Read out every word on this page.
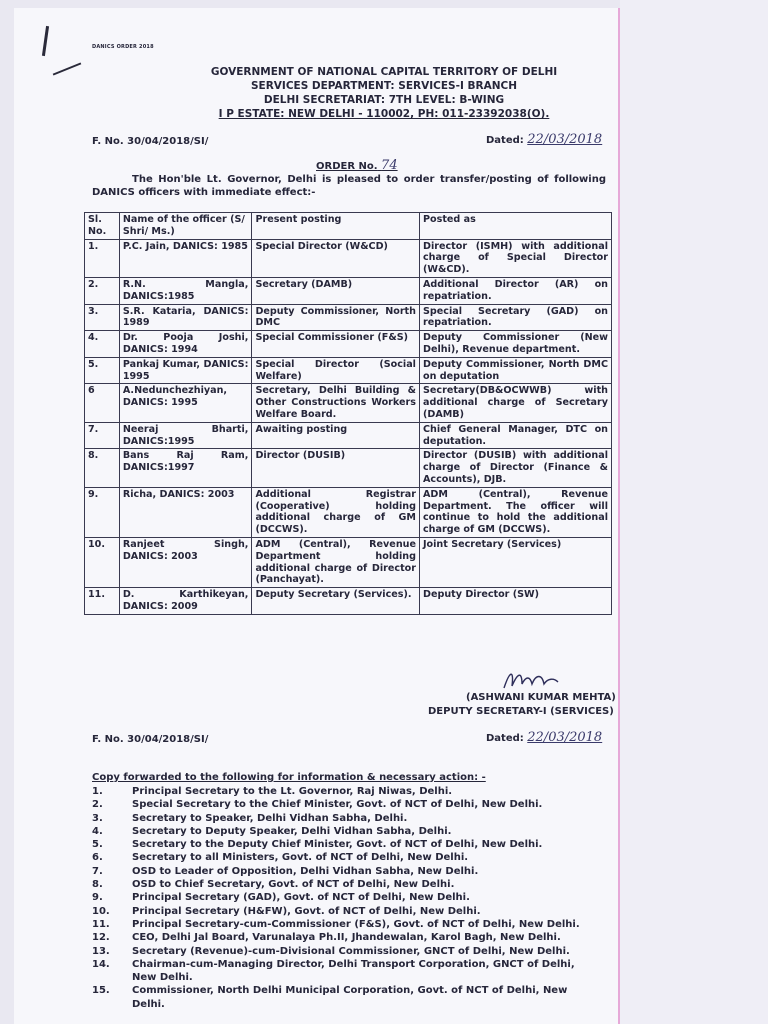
DANICS ORDER 2018
GOVERNMENT OF NATIONAL CAPITAL TERRITORY OF DELHI
SERVICES DEPARTMENT: SERVICES-I BRANCH
DELHI SECRETARIAT: 7TH LEVEL: B-WING
I P ESTATE: NEW DELHI - 110002, PH: 011-23392038(O).
F. No. 30/04/2018/SI/	Dated: 22/03/2018
ORDER No. 74
The Hon'ble Lt. Governor, Delhi is pleased to order transfer/posting of following DANICS officers with immediate effect:-
Sl. No.	Name of the officer (S/ Shri/ Ms.)	Present posting	Posted as
1.	P.C. Jain, DANICS: 1985	Special Director (W&CD)	Director (ISMH) with additional charge of Special Director (W&CD).
2.	R.N. Mangla, DANICS:1985	Secretary (DAMB)	Additional Director (AR) on repatriation.
3.	S.R. Kataria, DANICS: 1989	Deputy Commissioner, North DMC	Special Secretary (GAD) on repatriation.
4.	Dr. Pooja Joshi, DANICS: 1994	Special Commissioner (F&S)	Deputy Commissioner (New Delhi), Revenue department.
5.	Pankaj Kumar, DANICS: 1995	Special Director (Social Welfare)	Deputy Commissioner, North DMC on deputation
6	A.Nedunchezhiyan, DANICS: 1995	Secretary, Delhi Building & Other Constructions Workers Welfare Board.	Secretary(DB&OCWWB) with additional charge of Secretary (DAMB)
7.	Neeraj Bharti, DANICS:1995	Awaiting posting	Chief General Manager, DTC on deputation.
8.	Bans Raj Ram, DANICS:1997	Director (DUSIB)	Director (DUSIB) with additional charge of Director (Finance & Accounts), DJB.
9.	Richa, DANICS: 2003	Additional Registrar (Cooperative) holding additional charge of GM (DCCWS).	ADM (Central), Revenue Department. The officer will continue to hold the additional charge of GM (DCCWS).
10.	Ranjeet Singh, DANICS: 2003	ADM (Central), Revenue Department holding additional charge of Director (Panchayat).	Joint Secretary (Services)
11.	D. Karthikeyan, DANICS: 2009	Deputy Secretary (Services).	Deputy Director (SW)
(ASHWANI KUMAR MEHTA)
DEPUTY SECRETARY-I (SERVICES)
F. No. 30/04/2018/SI/	Dated: 22/03/2018
Copy forwarded to the following for information & necessary action: -
1.	Principal Secretary to the Lt. Governor, Raj Niwas, Delhi.
2.	Special Secretary to the Chief Minister, Govt. of NCT of Delhi, New Delhi.
3.	Secretary to Speaker, Delhi Vidhan Sabha, Delhi.
4.	Secretary to Deputy Speaker, Delhi Vidhan Sabha, Delhi.
5.	Secretary to the Deputy Chief Minister, Govt. of NCT of Delhi, New Delhi.
6.	Secretary to all Ministers, Govt. of NCT of Delhi, New Delhi.
7.	OSD to Leader of Opposition, Delhi Vidhan Sabha, New Delhi.
8.	OSD to Chief Secretary, Govt. of NCT of Delhi, New Delhi.
9.	Principal Secretary (GAD), Govt. of NCT of Delhi, New Delhi.
10.	Principal Secretary (H&FW), Govt. of NCT of Delhi, New Delhi.
11.	Principal Secretary-cum-Commissioner (F&S), Govt. of NCT of Delhi, New Delhi.
12.	CEO, Delhi Jal Board, Varunalaya Ph.II, Jhandewalan, Karol Bagh, New Delhi.
13.	Secretary (Revenue)-cum-Divisional Commissioner, GNCT of Delhi, New Delhi.
14.	Chairman-cum-Managing Director, Delhi Transport Corporation, GNCT of Delhi, New Delhi.
15.	Commissioner, North Delhi Municipal Corporation, Govt. of NCT of Delhi, New Delhi.
